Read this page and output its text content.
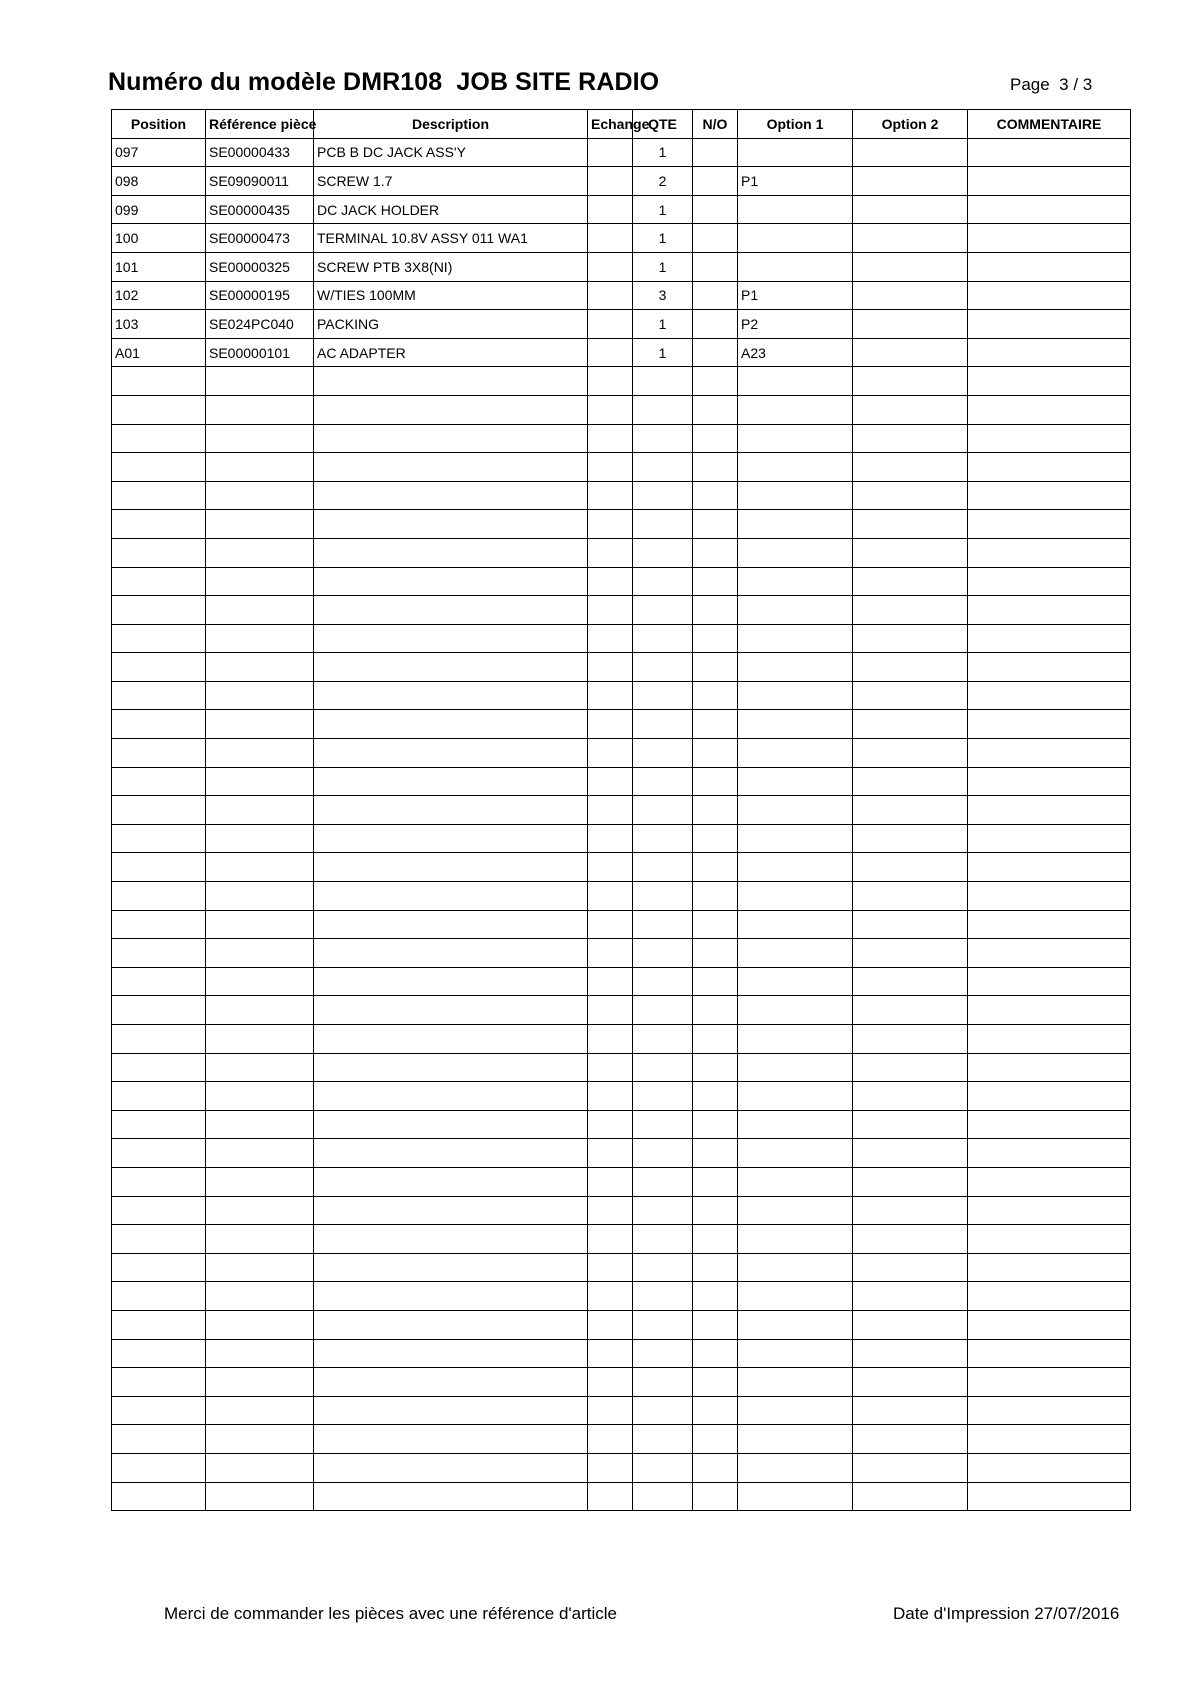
Numéro du modèle DMR108  JOB SITE RADIO	Page  3 / 3
Position	Référence pièce	Description	Echange	QTE	N/O	Option 1	Option 2	COMMENTAIRE
097	SE00000433	PCB B DC JACK ASS'Y		1				
098	SE09090011	SCREW 1.7		2		P1		
099	SE00000435	DC JACK HOLDER		1				
100	SE00000473	TERMINAL 10.8V ASSY 011 WA1		1				
101	SE00000325	SCREW PTB 3X8(NI)		1				
102	SE00000195	W/TIES 100MM		3		P1		
103	SE024PC040	PACKING		1		P2		
A01	SE00000101	AC ADAPTER		1		A23		

Merci de commander les pièces avec une référence d'article	Date d'Impression 27/07/2016
